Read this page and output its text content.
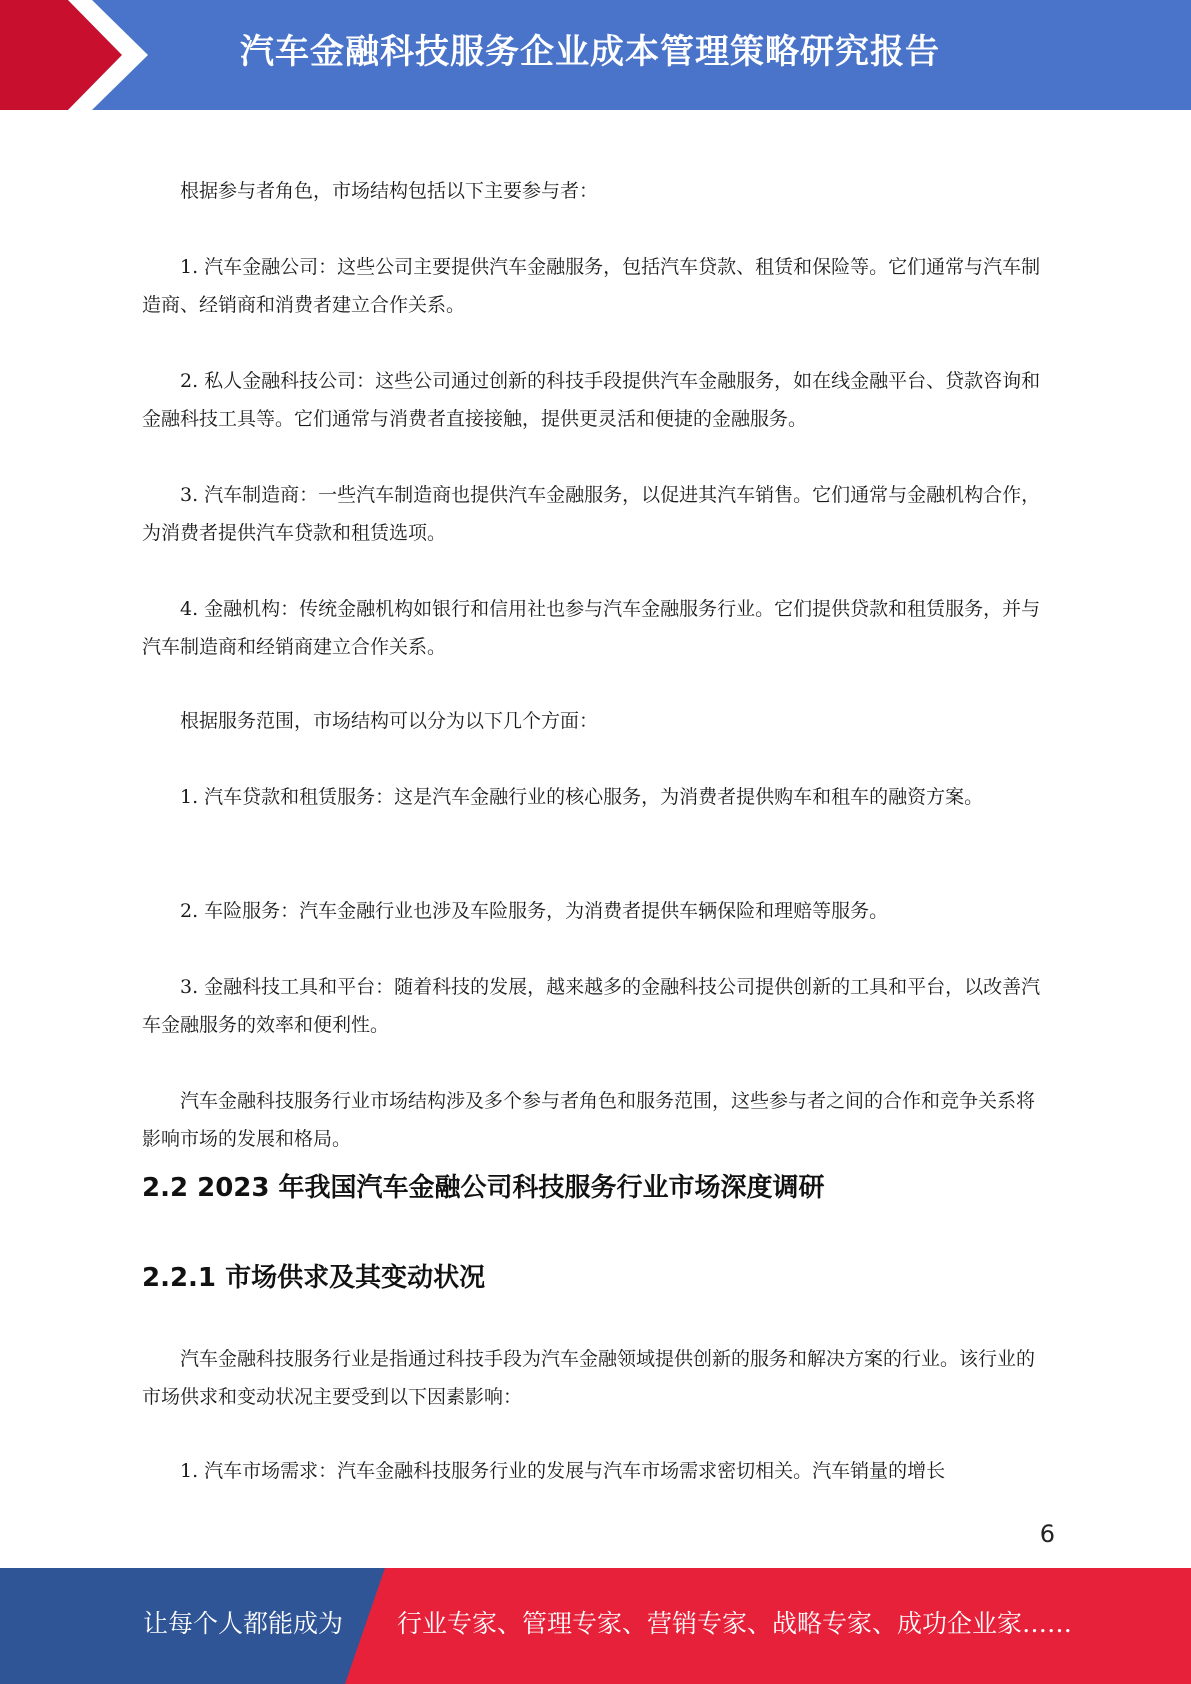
汽车金融科技服务企业成本管理策略研究报告

根据参与者角色，市场结构包括以下主要参与者：

1. 汽车金融公司：这些公司主要提供汽车金融服务，包括汽车贷款、租赁和保险等。它们通常与汽车制造商、经销商和消费者建立合作关系。

2. 私人金融科技公司：这些公司通过创新的科技手段提供汽车金融服务，如在线金融平台、贷款咨询和金融科技工具等。它们通常与消费者直接接触，提供更灵活和便捷的金融服务。

3. 汽车制造商：一些汽车制造商也提供汽车金融服务，以促进其汽车销售。它们通常与金融机构合作，为消费者提供汽车贷款和租赁选项。

4. 金融机构：传统金融机构如银行和信用社也参与汽车金融服务行业。它们提供贷款和租赁服务，并与汽车制造商和经销商建立合作关系。

根据服务范围，市场结构可以分为以下几个方面：

1. 汽车贷款和租赁服务：这是汽车金融行业的核心服务，为消费者提供购车和租车的融资方案。

2. 车险服务：汽车金融行业也涉及车险服务，为消费者提供车辆保险和理赔等服务。

3. 金融科技工具和平台：随着科技的发展，越来越多的金融科技公司提供创新的工具和平台，以改善汽车金融服务的效率和便利性。

汽车金融科技服务行业市场结构涉及多个参与者角色和服务范围，这些参与者之间的合作和竞争关系将影响市场的发展和格局。

2.2 2023 年我国汽车金融公司科技服务行业市场深度调研
2.2.1 市场供求及其变动状况

汽车金融科技服务行业是指通过科技手段为汽车金融领域提供创新的服务和解决方案的行业。该行业的市场供求和变动状况主要受到以下因素影响：

1. 汽车市场需求：汽车金融科技服务行业的发展与汽车市场需求密切相关。汽车销量的增长

6
让每个人都能成为 行业专家、管理专家、营销专家、战略专家、成功企业家……
